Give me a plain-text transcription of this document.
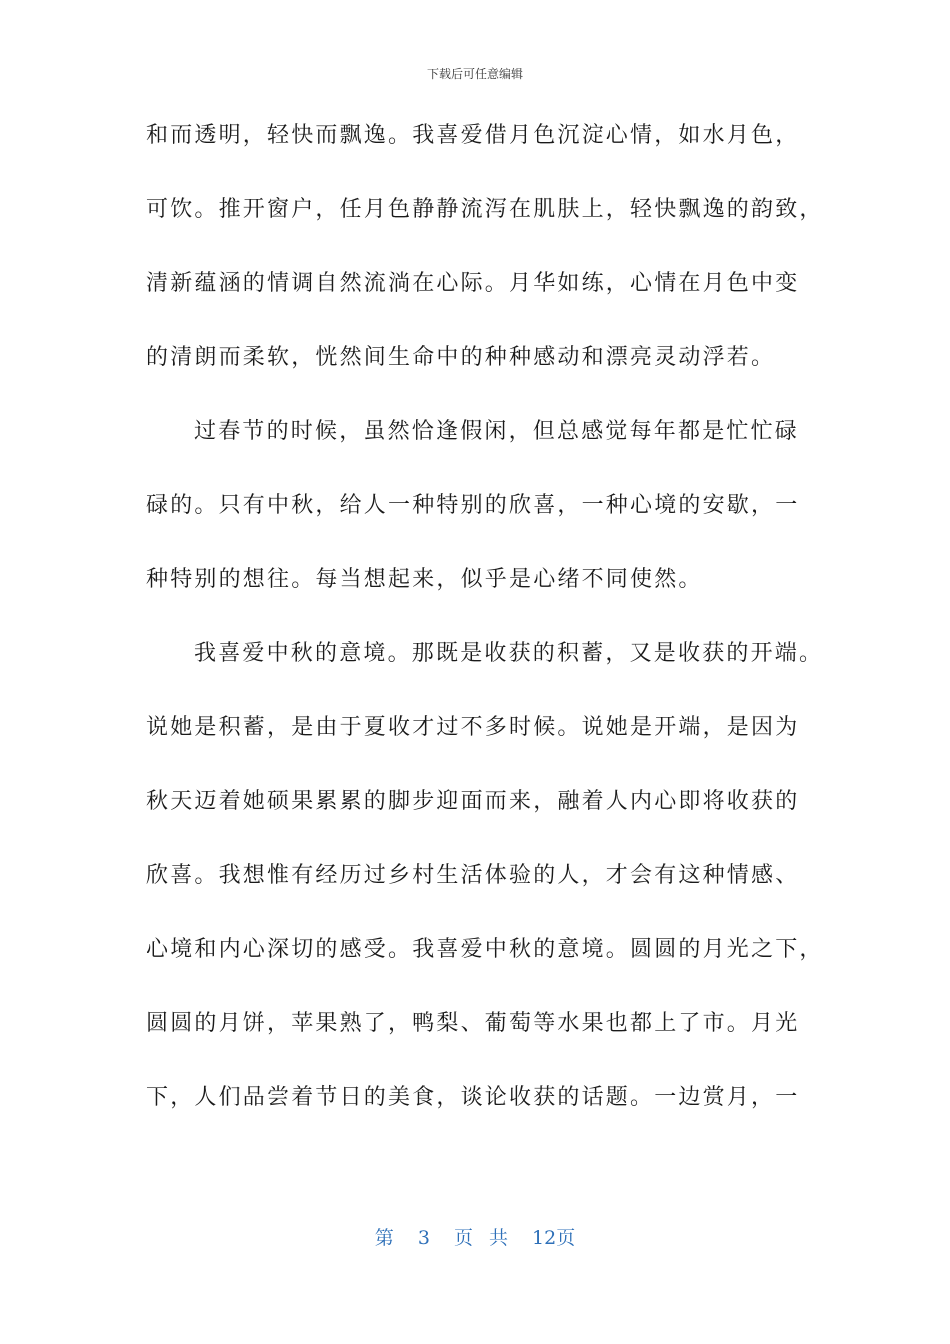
下载后可任意编辑
和而透明，轻快而飘逸。我喜爱借月色沉淀心情，如水月色，
可饮。推开窗户，任月色静静流泻在肌肤上，轻快飘逸的韵致，
清新蕴涵的情调自然流淌在心际。月华如练，心情在月色中变
的清朗而柔软，恍然间生命中的种种感动和漂亮灵动浮若。
过春节的时候，虽然恰逢假闲，但总感觉每年都是忙忙碌
碌的。只有中秋，给人一种特别的欣喜，一种心境的安歇，一
种特别的想往。每当想起来，似乎是心绪不同使然。
我喜爱中秋的意境。那既是收获的积蓄，又是收获的开端。
说她是积蓄，是由于夏收才过不多时候。说她是开端，是因为
秋天迈着她硕果累累的脚步迎面而来，融着人内心即将收获的
欣喜。我想惟有经历过乡村生活体验的人，才会有这种情感、
心境和内心深切的感受。我喜爱中秋的意境。圆圆的月光之下，
圆圆的月饼，苹果熟了，鸭梨、葡萄等水果也都上了市。月光
下，人们品尝着节日的美食，谈论收获的话题。一边赏月，一
第 3 页 共 12页
